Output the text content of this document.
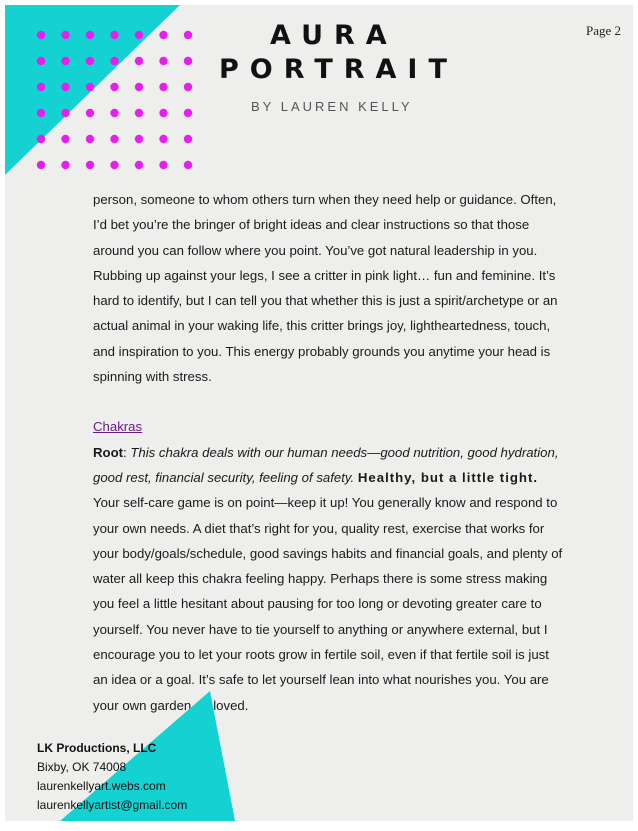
Page 2
AURA
PORTRAIT
BY LAUREN KELLY

person, someone to whom others turn when they need help or guidance. Often, I’d bet you’re the bringer of bright ideas and clear instructions so that those around you can follow where you point. You’ve got natural leadership in you. Rubbing up against your legs, I see a critter in pink light… fun and feminine. It’s hard to identify, but I can tell you that whether this is just a spirit/archetype or an actual animal in your waking life, this critter brings joy, lightheartedness, touch, and inspiration to you. This energy probably grounds you anytime your head is spinning with stress.

Chakras

Root: This chakra deals with our human needs—good nutrition, good hydration, good rest, financial security, feeling of safety. Healthy, but a little tight. Your self-care game is on point—keep it up! You generally know and respond to your own needs. A diet that’s right for you, quality rest, exercise that works for your body/goals/schedule, good savings habits and financial goals, and plenty of water all keep this chakra feeling happy. Perhaps there is some stress making you feel a little hesitant about pausing for too long or devoting greater care to yourself. You never have to tie yourself to anything or anywhere external, but I encourage you to let your roots grow in fertile soil, even if that fertile soil is just an idea or a goal. It’s safe to let yourself lean into what nourishes you. You are your own garden, beloved.

LK Productions, LLC
Bixby, OK 74008
laurenkellyart.webs.com
laurenkellyartist@gmail.com
